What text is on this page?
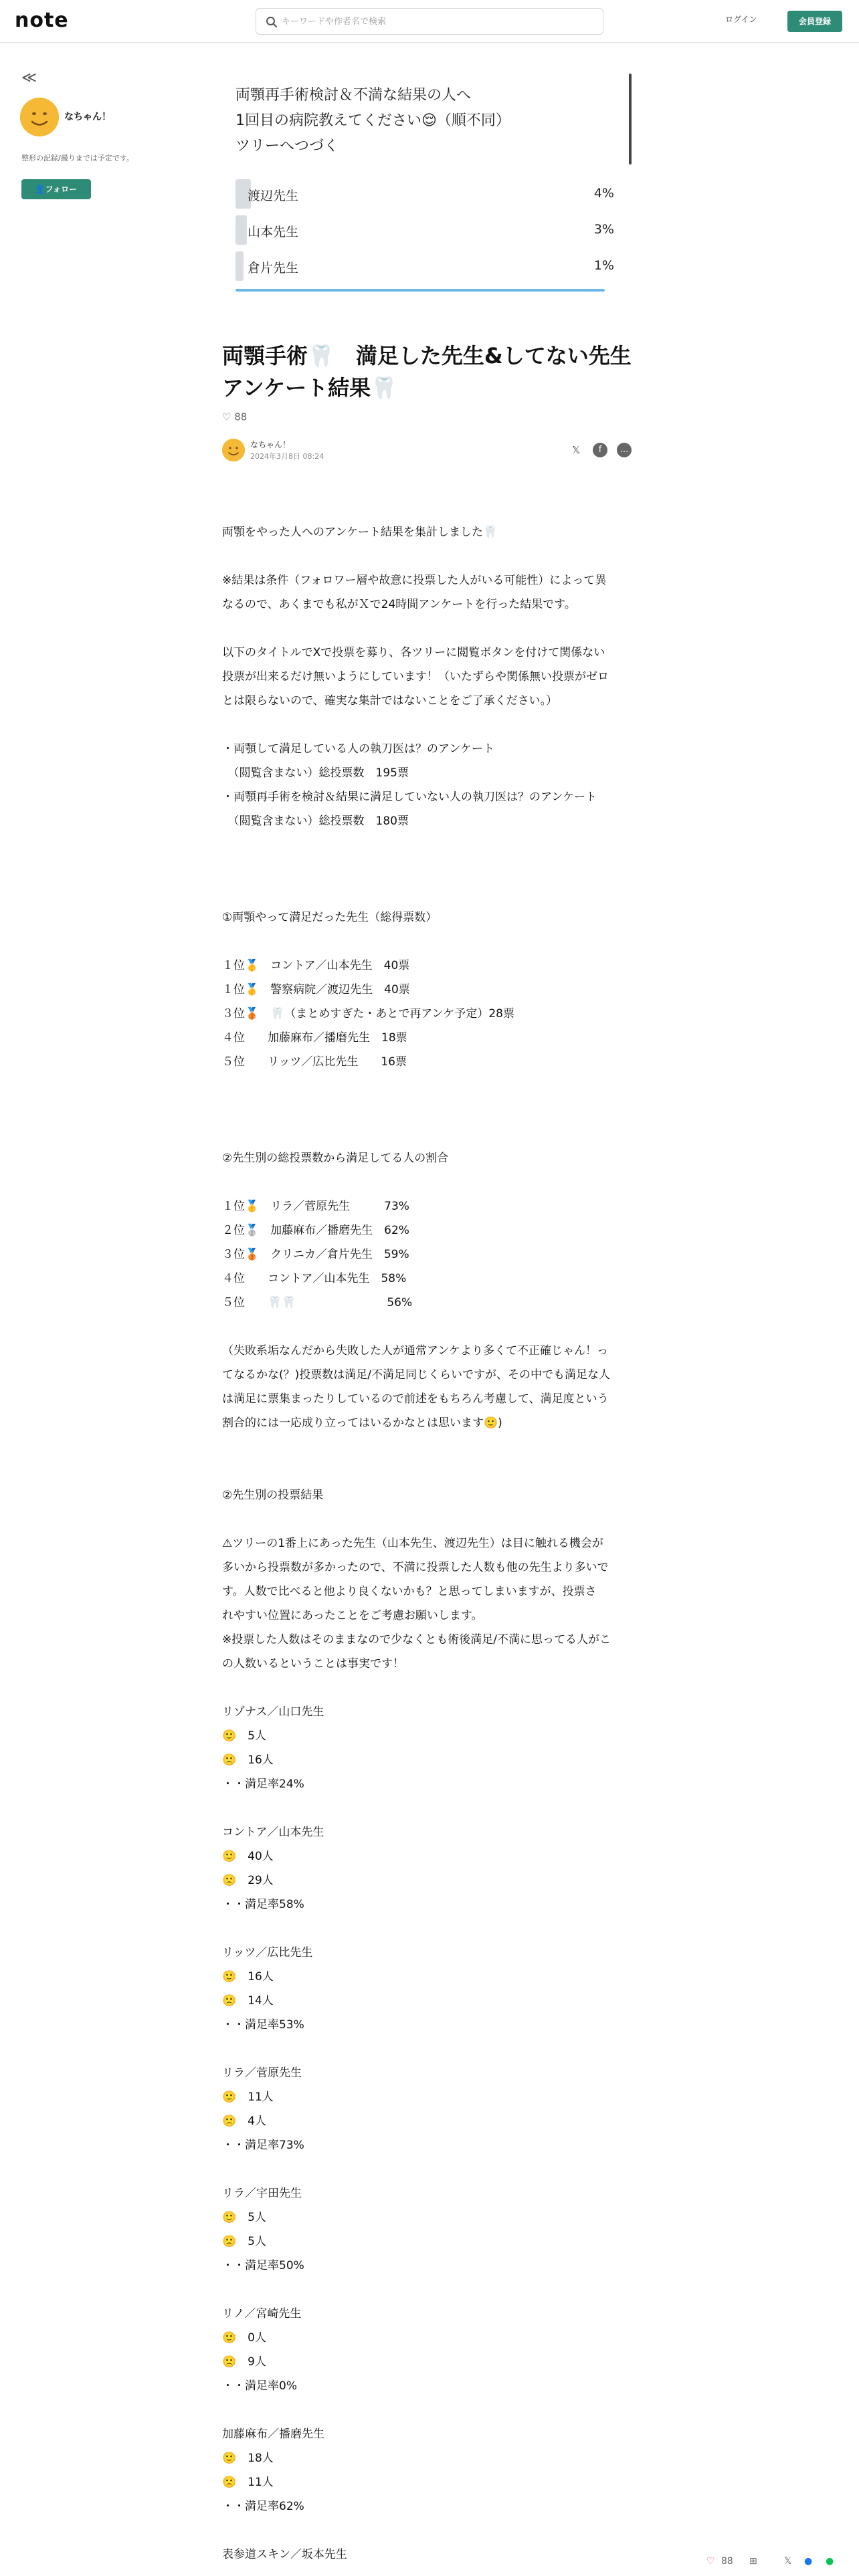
note
キーワードや作者名で検索	ログイン	会員登録
≪
なちゃん！
整形の記録/撮りまでは予定です。
👤フォロー
両顎再手術検討＆不満な結果の人へ
1回目の病院教えてください😌（順不同）
ツリーへつづく
渡辺先生	4%
山本先生	3%
倉片先生	1%
両顎手術🦷　満足した先生&してない先生
アンケート結果🦷
♡ 88
なちゃん！
2024年3月8日 08:24
𝕏	f	…
両顎をやった人へのアンケート結果を集計しました🦷
※結果は条件（フォロワー層や故意に投票した人がいる可能性）によって異
なるので、あくまでも私がＸで24時間アンケートを行った結果です。
以下のタイトルでXで投票を募り、各ツリーに閲覧ボタンを付けて関係ない
投票が出来るだけ無いようにしています！（いたずらや関係無い投票がゼロ
とは限らないので、確実な集計ではないことをご了承ください。）
・両顎して満足している人の執刀医は？のアンケート
　（閲覧含まない）総投票数　195票
・両顎再手術を検討＆結果に満足していない人の執刀医は？のアンケート
　（閲覧含まない）総投票数　180票
①両顎やって満足だった先生（総得票数）
１位🥇　コントア／山本先生　40票
１位🥇　警察病院／渡辺先生　40票
３位🥉　🦷（まとめすぎた・あとで再アンケ予定）28票
４位　　加藤麻布／播磨先生　18票
５位　　リッツ／広比先生　　16票
②先生別の総投票数から満足してる人の割合
１位🥇　リラ／菅原先生　　　73%
２位🥈　加藤麻布／播磨先生　62%
３位🥉　クリニカ／倉片先生　59%
４位　　コントア／山本先生　58%
５位　　🦷🦷　　　　　　　　56%
（失敗系垢なんだから失敗した人が通常アンケより多くて不正確じゃん！っ
てなるかな(？)投票数は満足/不満足同じくらいですが、その中でも満足な人
は満足に票集まったりしているので前述をもちろん考慮して、満足度という
割合的には一応成り立ってはいるかなとは思います🙂)
②先生別の投票結果
⚠ツリーの1番上にあった先生（山本先生、渡辺先生）は目に触れる機会が
多いから投票数が多かったので、不満に投票した人数も他の先生より多いで
す。人数で比べると他より良くないかも？と思ってしまいますが、投票さ
れやすい位置にあったことをご考慮お願いします。
※投票した人数はそのままなので少なくとも術後満足/不満に思ってる人がこ
の人数いるということは事実です！
リゾナス／山口先生
🙂　5人
🙁　16人
・・満足率24%
コントア／山本先生
🙂　40人
🙁　29人
・・満足率58%
リッツ／広比先生
🙂　16人
🙁　14人
・・満足率53%
リラ／菅原先生
🙂　11人
🙁　4人
・・満足率73%
リラ／宇田先生
🙂　5人
🙁　5人
・・満足率50%
リノ／宮崎先生
🙂　0人
🙁　9人
・・満足率0%
加藤麻布／播磨先生
🙂　18人
🙁　11人
・・満足率62%
表参道スキン／坂本先生	♡ 88 ⊞	𝕏 ● ●
